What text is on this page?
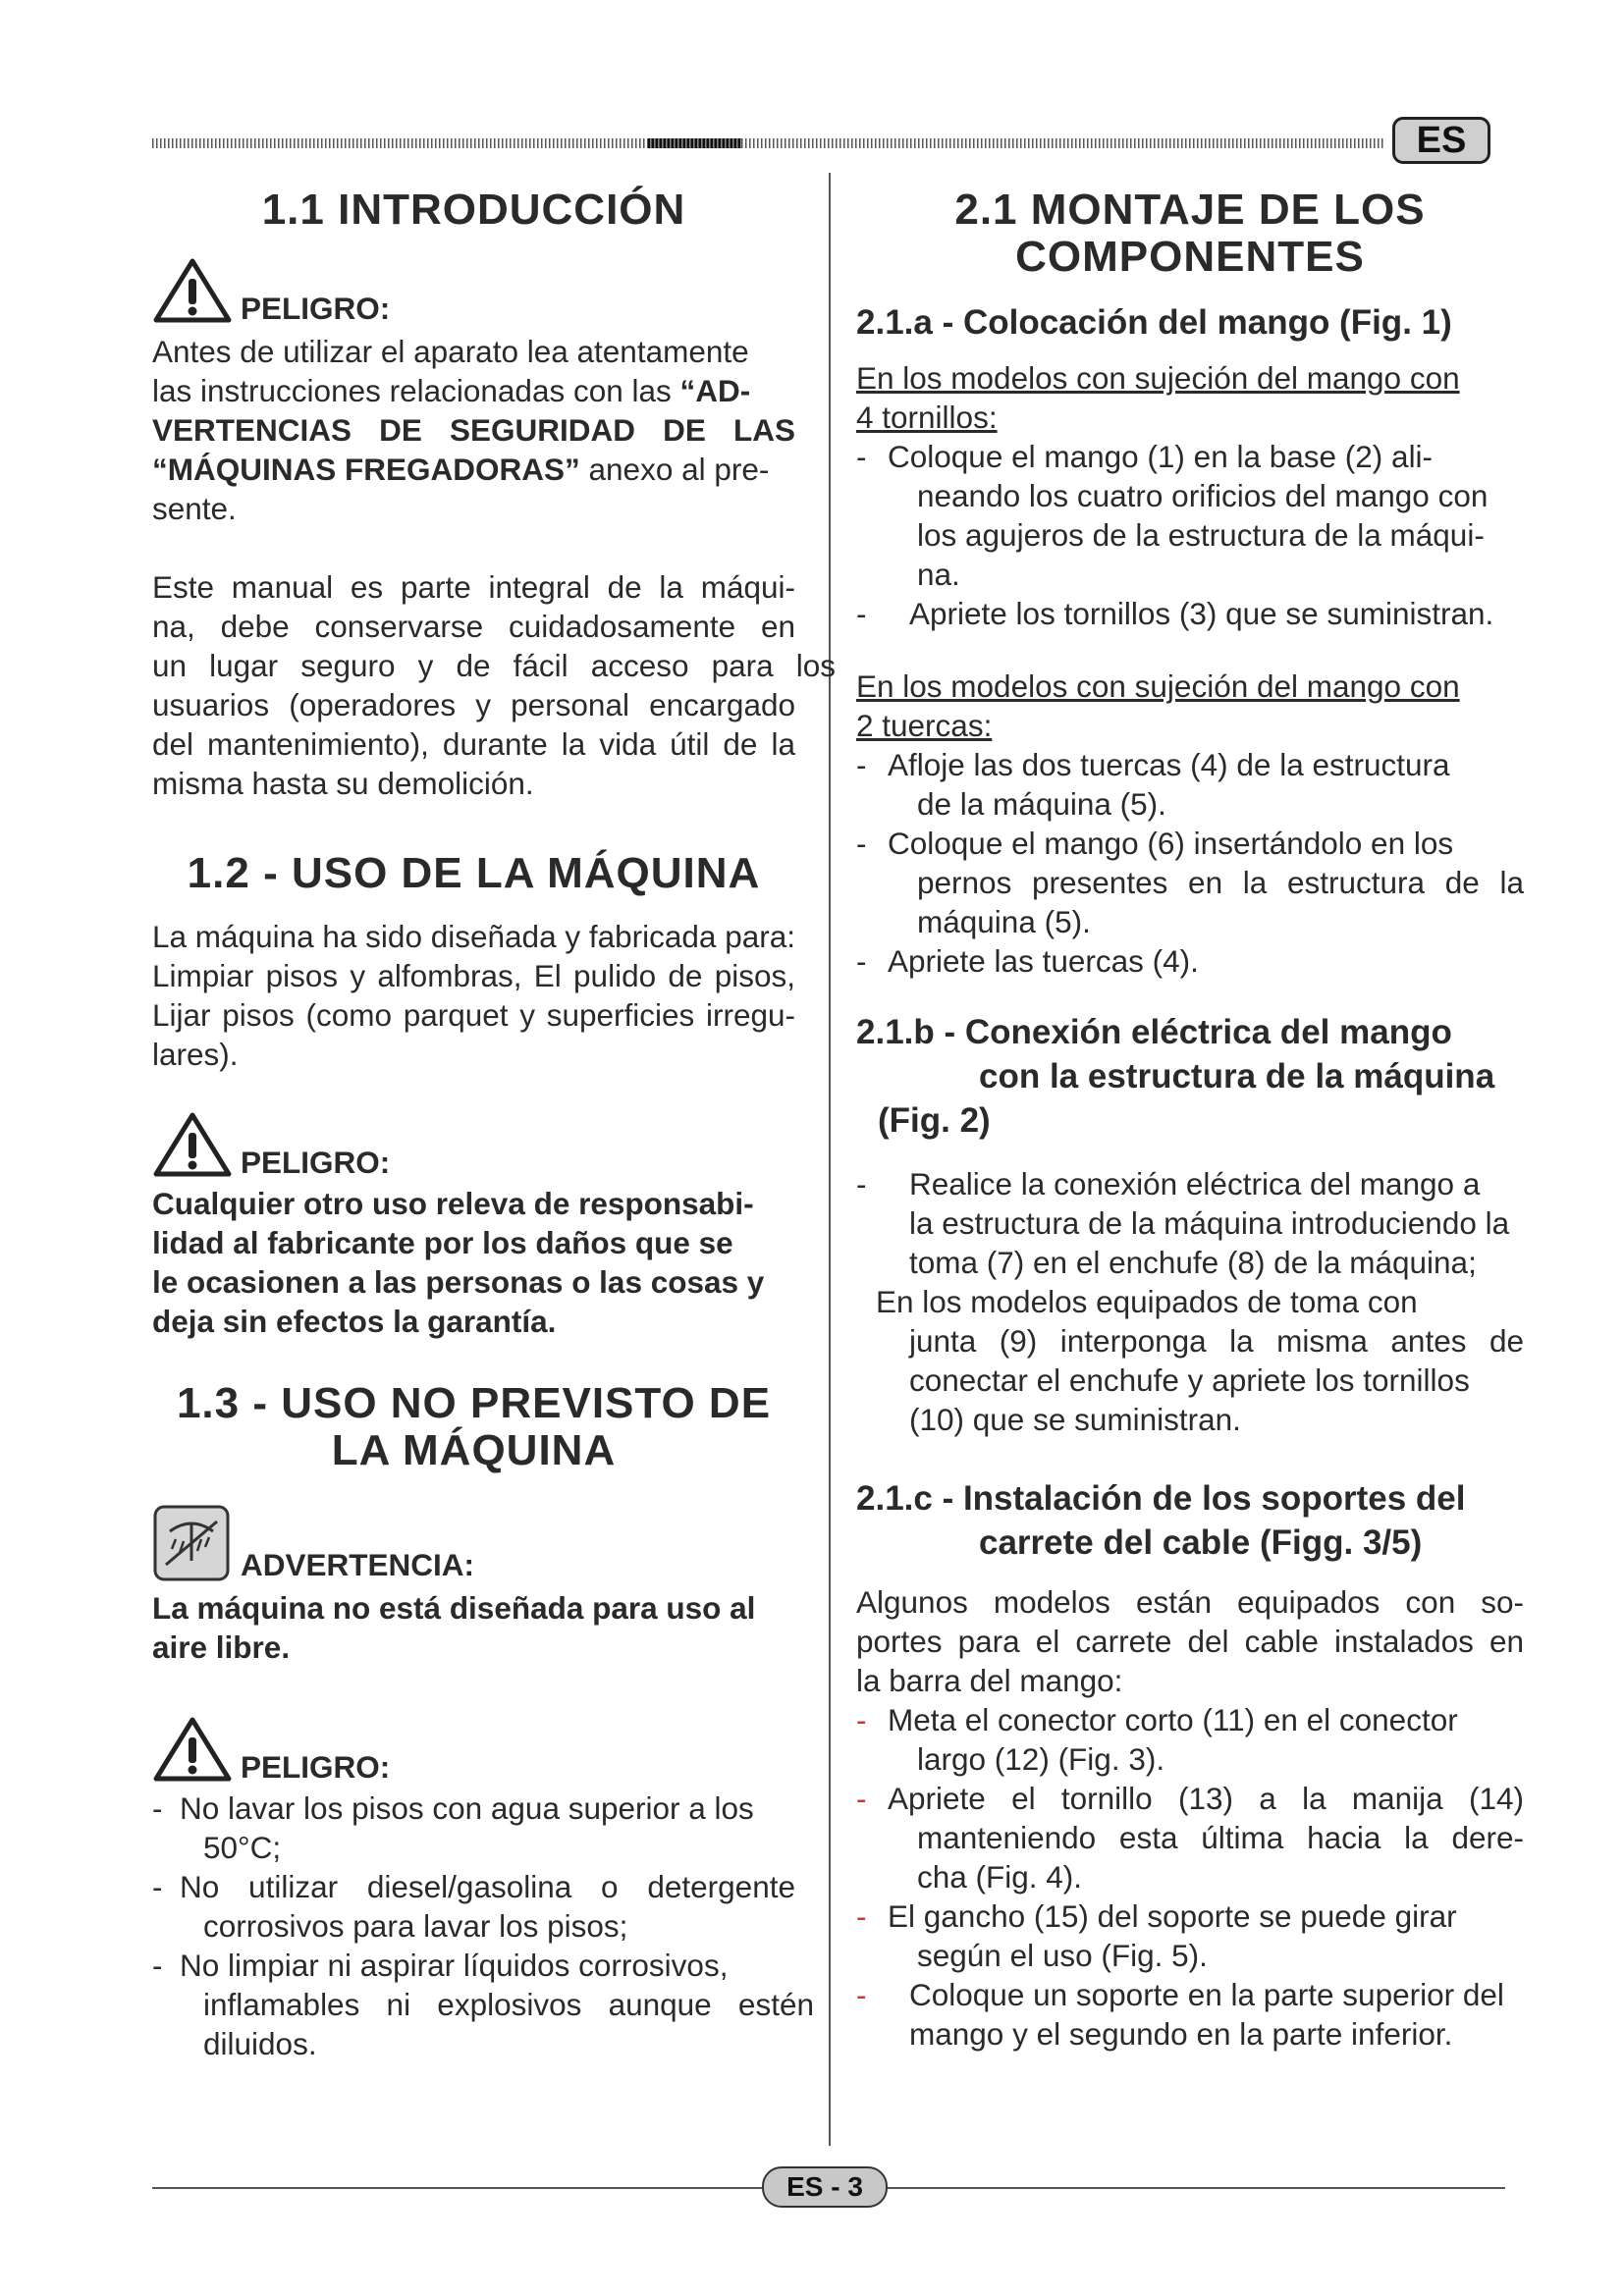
ES
ES - 3
1.1 INTRODUCCIÓN
PELIGRO:

Antes de utilizar el aparato lea atentamente

las instrucciones relacionadas con las “AD-

VERTENCIAS DE SEGURIDAD DE LAS

“MÁQUINAS FREGADORAS” anexo al pre-

sente.

Este manual es parte integral de la máqui-

na, debe conservarse cuidadosamente en

un lugar seguro y de fácil acceso para los

usuarios (operadores y personal encargado

del mantenimiento), durante la vida útil de la

misma hasta su demolición.

1.2 - USO DE LA MÁQUINA

La máquina ha sido diseñada y fabricada para:

Limpiar pisos y alfombras, El pulido de pisos,

Lijar pisos (como parquet y superficies irregu-

lares).

PELIGRO:

Cualquier otro uso releva de responsabi-

lidad al fabricante por los daños que se

le ocasionen a las personas o las cosas y

deja sin efectos la garantía.

1.3 - USO NO PREVISTO DE

LA MÁQUINA

ADVERTENCIA:

La máquina no está diseñada para uso al

aire libre.

PELIGRO:
- No lavar los pisos con agua superior a los
50°C;
- No utilizar diesel/gasolina o detergente
corrosivos para lavar los pisos;
- No limpiar ni aspirar líquidos corrosivos,
inflamables ni explosivos aunque estén
diluidos.

2.1 MONTAJE DE LOS

COMPONENTES

2.1.a - Colocación del mango (Fig. 1)

En los modelos con sujeción del mango con

4 tornillos:

- Coloque el mango (1) en la base (2) ali-
neando los cuatro orificios del mango con
los agujeros de la estructura de la máqui-
na.
- Apriete los tornillos (3) que se suministran.

En los modelos con sujeción del mango con

2 tuercas:

- Afloje las dos tuercas (4) de la estructura
de la máquina (5).
- Coloque el mango (6) insertándolo en los
pernos presentes en la estructura de la
máquina (5).
- Apriete las tuercas (4).

2.1.b - Conexión eléctrica del mango

con la estructura de la máquina

(Fig. 2)

- Realice la conexión eléctrica del mango a
la estructura de la máquina introduciendo la
toma (7) en el enchufe (8) de la máquina;

En los modelos equipados de toma con

junta (9) interponga la misma antes de

conectar el enchufe y apriete los tornillos

(10) que se suministran.

2.1.c - Instalación de los soportes del

carrete del cable (Figg. 3/5)

Algunos modelos están equipados con so-

portes para el carrete del cable instalados en

la barra del mango:

- Meta el conector corto (11) en el conector
largo (12) (Fig. 3).
- Apriete el tornillo (13) a la manija (14)
manteniendo esta última hacia la dere-
cha (Fig. 4).
- El gancho (15) del soporte se puede girar
según el uso (Fig. 5).
- Coloque un soporte en la parte superior del
mango y el segundo en la parte inferior.
